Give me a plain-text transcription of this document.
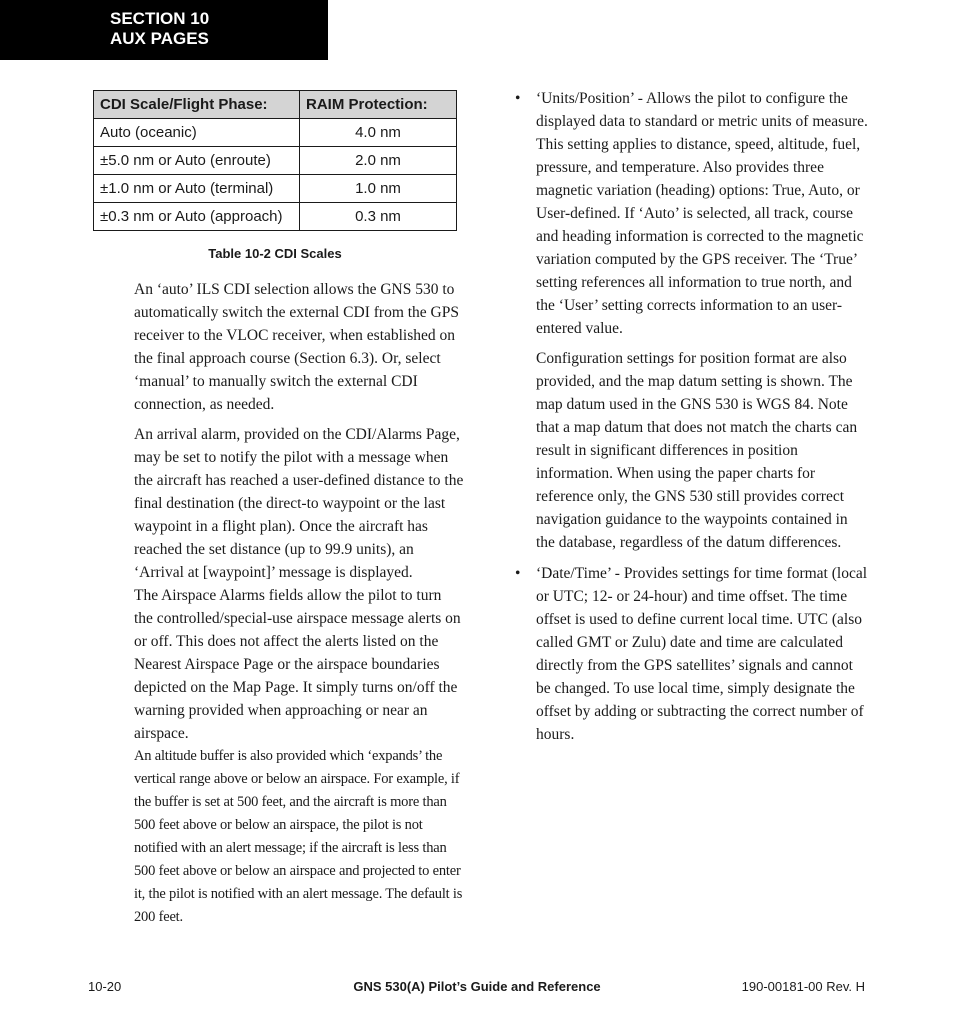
SECTION 10
AUX PAGES
CDI Scale/Flight Phase:	RAIM Protection:
Auto (oceanic)	4.0 nm
±5.0 nm or Auto (enroute)	2.0 nm
±1.0 nm or Auto (terminal)	1.0 nm
±0.3 nm or Auto (approach)	0.3 nm
Table 10-2 CDI Scales

An ‘auto’ ILS CDI selection allows the GNS 530 to automatically switch the external CDI from the GPS receiver to the VLOC receiver, when established on the final approach course (Section 6.3). Or, select ‘manual’ to manually switch the external CDI connection, as needed.

An arrival alarm, provided on the CDI/Alarms Page, may be set to notify the pilot with a message when the aircraft has reached a user-defined distance to the final destination (the direct-to waypoint or the last waypoint in a flight plan). Once the aircraft has reached the set distance (up to 99.9 units), an ‘Arrival at [waypoint]’ message is displayed.

The Airspace Alarms fields allow the pilot to turn the controlled/special-use airspace message alerts on or off. This does not affect the alerts listed on the Nearest Airspace Page or the airspace boundaries depicted on the Map Page. It simply turns on/off the warning provided when approaching or near an airspace.

An altitude buffer is also provided which ‘expands’ the vertical range above or below an airspace. For example, if the buffer is set at 500 feet, and the aircraft is more than 500 feet above or below an airspace, the pilot is not notified with an alert message; if the aircraft is less than 500 feet above or below an airspace and projected to enter it, the pilot is notified with an alert message. The default is 200 feet.

• ‘Units/Position’ - Allows the pilot to configure the displayed data to standard or metric units of measure. This setting applies to distance, speed, altitude, fuel, pressure, and temperature. Also provides three magnetic variation (heading) options: True, Auto, or User-defined. If ‘Auto’ is selected, all track, course and heading information is corrected to the magnetic variation computed by the GPS receiver. The ‘True’ setting references all information to true north, and the ‘User’ setting corrects information to an user-entered value.

Configuration settings for position format are also provided, and the map datum setting is shown. The map datum used in the GNS 530 is WGS 84. Note that a map datum that does not match the charts can result in significant differences in position information. When using the paper charts for reference only, the GNS 530 still provides correct navigation guidance to the waypoints contained in the database, regardless of the datum differences.

• ‘Date/Time’ - Provides settings for time format (local or UTC; 12- or 24-hour) and time offset. The time offset is used to define current local time. UTC (also called GMT or Zulu) date and time are calculated directly from the GPS satellites’ signals and cannot be changed. To use local time, simply designate the offset by adding or subtracting the correct number of hours.

10-20	GNS 530(A) Pilot’s Guide and Reference	190-00181-00 Rev. H
